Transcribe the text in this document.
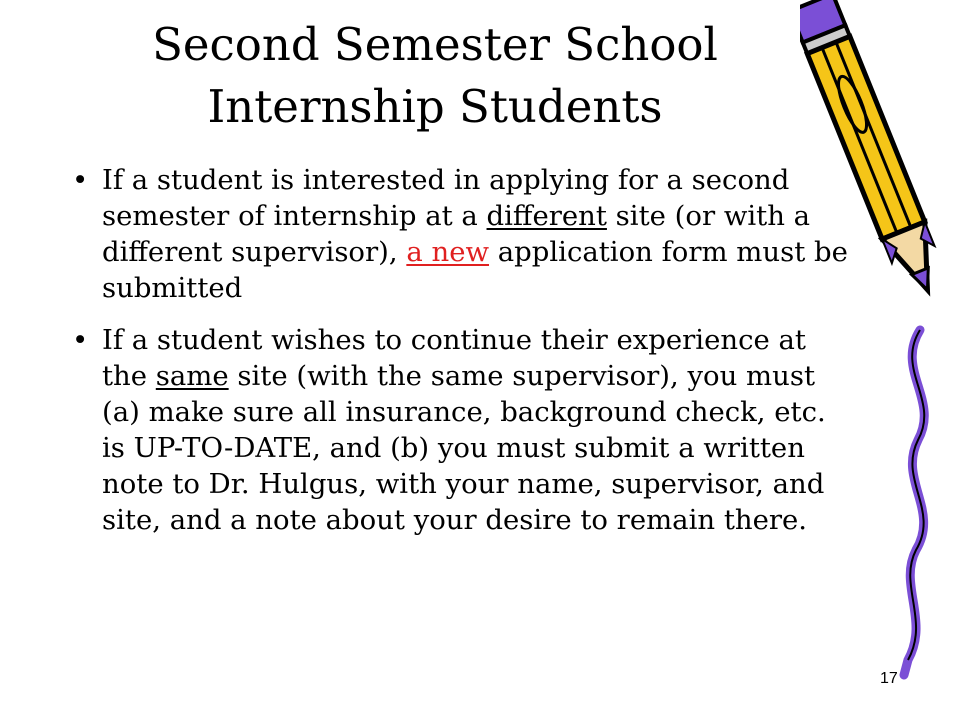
Second Semester School
Internship Students
• If a student is interested in applying for a second semester of internship at a different site (or with a different supervisor), a new application form must be submitted
• If a student wishes to continue their experience at the same site (with the same supervisor), you must (a) make sure all insurance, background check, etc. is UP-TO-DATE, and (b) you must submit a written note to Dr. Hulgus, with your name, supervisor, and site, and a note about your desire to remain there.
17
